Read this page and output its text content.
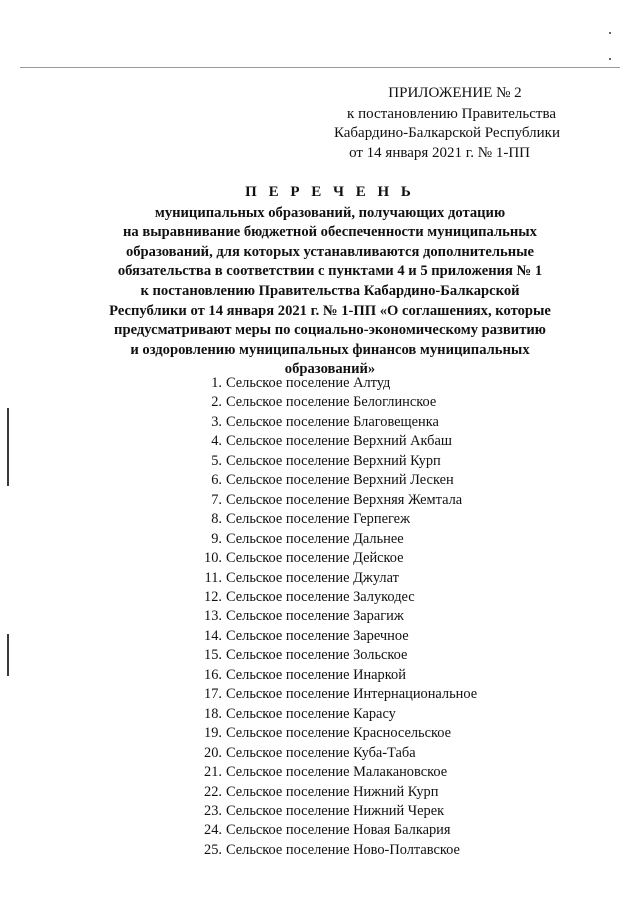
ПРИЛОЖЕНИЕ № 2
к постановлению Правительства
Кабардино-Балкарской Республики
от 14 января 2021 г. № 1-ПП
П Е Р Е Ч Е Н Ь
муниципальных образований, получающих дотацию
на выравнивание бюджетной обеспеченности муниципальных
образований, для которых устанавливаются дополнительные
обязательства в соответствии с пунктами 4 и 5 приложения № 1
к постановлению Правительства Кабардино-Балкарской
Республики от 14 января 2021 г. № 1-ПП «О соглашениях, которые
предусматривают меры по социально-экономическому развитию
и оздоровлению муниципальных финансов муниципальных
образований»
1. Сельское поселение Алтуд
2. Сельское поселение Белоглинское
3. Сельское поселение Благовещенка
4. Сельское поселение Верхний Акбаш
5. Сельское поселение Верхний Курп
6. Сельское поселение Верхний Лескен
7. Сельское поселение Верхняя Жемтала
8. Сельское поселение Герпегеж
9. Сельское поселение Дальнее
10. Сельское поселение Дейское
11. Сельское поселение Джулат
12. Сельское поселение Залукодес
13. Сельское поселение Зарагиж
14. Сельское поселение Заречное
15. Сельское поселение Зольское
16. Сельское поселение Инаркой
17. Сельское поселение Интернациональное
18. Сельское поселение Карасу
19. Сельское поселение Красносельское
20. Сельское поселение Куба-Таба
21. Сельское поселение Малакановское
22. Сельское поселение Нижний Курп
23. Сельское поселение Нижний Черек
24. Сельское поселение Новая Балкария
25. Сельское поселение Ново-Полтавское
